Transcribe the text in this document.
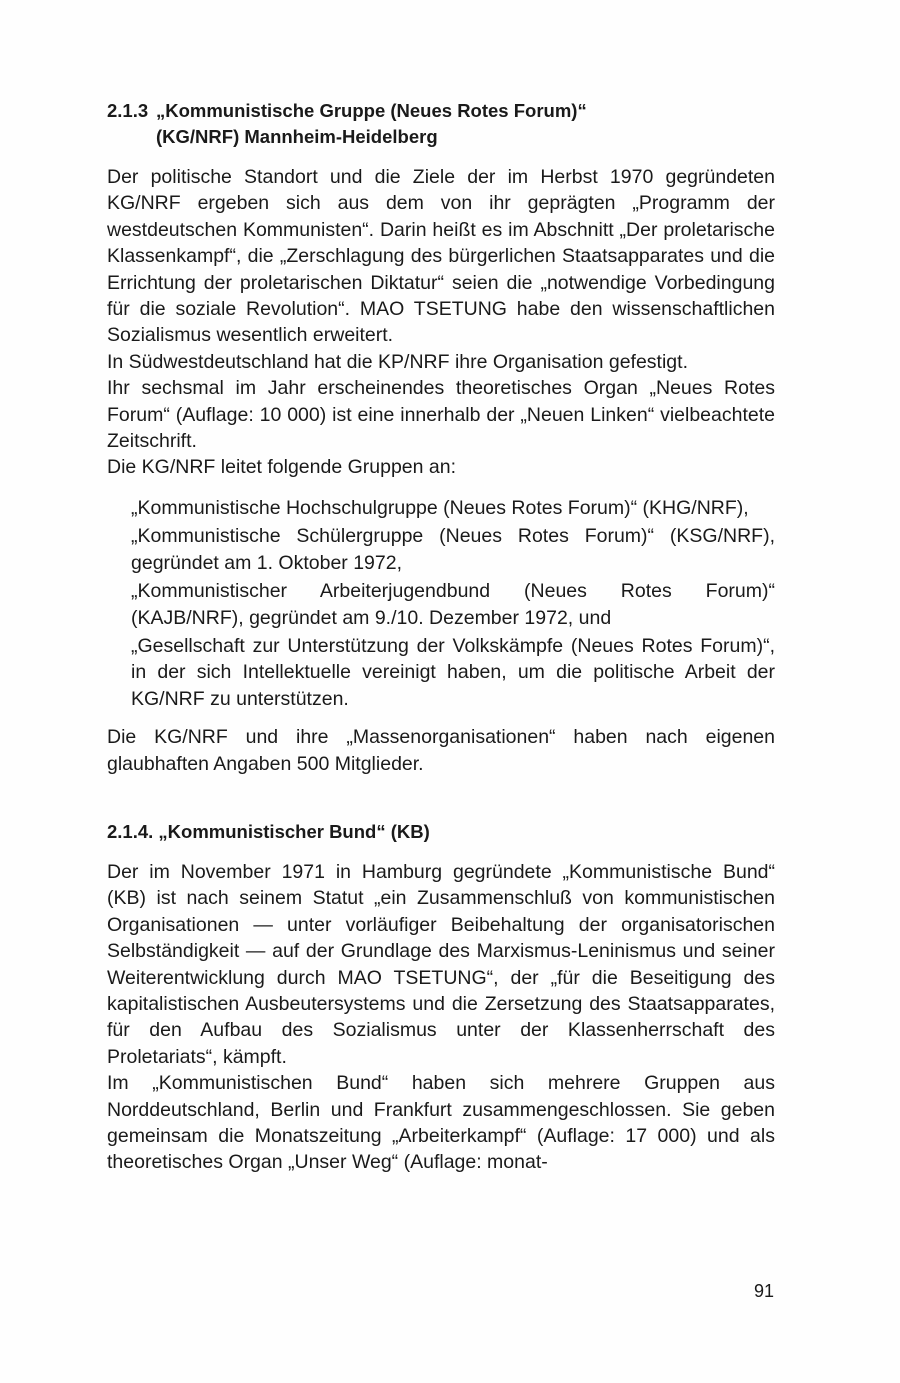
2.1.3 „Kommunistische Gruppe (Neues Rotes Forum)“
(KG/NRF) Mannheim-Heidelberg

Der politische Standort und die Ziele der im Herbst 1970 gegründeten KG/NRF ergeben sich aus dem von ihr geprägten „Programm der westdeutschen Kommunisten“. Darin heißt es im Abschnitt „Der proletarische Klassenkampf“, die „Zerschlagung des bürgerlichen Staatsapparates und die Errichtung der proletarischen Diktatur“ seien die „notwendige Vorbedingung für die soziale Revolution“. MAO TSETUNG habe den wissenschaftlichen Sozialismus wesentlich erweitert.

In Südwestdeutschland hat die KP/NRF ihre Organisation gefestigt.

Ihr sechsmal im Jahr erscheinendes theoretisches Organ „Neues Rotes Forum“ (Auflage: 10 000) ist eine innerhalb der „Neuen Linken“ vielbeachtete Zeitschrift.

Die KG/NRF leitet folgende Gruppen an:

„Kommunistische Hochschulgruppe (Neues Rotes Forum)“ (KHG/NRF),
„Kommunistische Schülergruppe (Neues Rotes Forum)“ (KSG/NRF), gegründet am 1. Oktober 1972,
„Kommunistischer Arbeiterjugendbund (Neues Rotes Forum)“ (KAJB/NRF), gegründet am 9./10. Dezember 1972, und
„Gesellschaft zur Unterstützung der Volkskämpfe (Neues Rotes Forum)“, in der sich Intellektuelle vereinigt haben, um die politische Arbeit der KG/NRF zu unterstützen.

Die KG/NRF und ihre „Massenorganisationen“ haben nach eigenen glaubhaften Angaben 500 Mitglieder.

2.1.4. „Kommunistischer Bund“ (KB)

Der im November 1971 in Hamburg gegründete „Kommunistische Bund“ (KB) ist nach seinem Statut „ein Zusammenschluß von kommunistischen Organisationen — unter vorläufiger Beibehaltung der organisatorischen Selbständigkeit — auf der Grundlage des Marxismus-Leninismus und seiner Weiterentwicklung durch MAO TSETUNG“, der „für die Beseitigung des kapitalistischen Ausbeutersystems und die Zersetzung des Staatsapparates, für den Aufbau des Sozialismus unter der Klassenherrschaft des Proletariats“, kämpft.

Im „Kommunistischen Bund“ haben sich mehrere Gruppen aus Norddeutschland, Berlin und Frankfurt zusammengeschlossen. Sie geben gemeinsam die Monatszeitung „Arbeiterkampf“ (Auflage: 17 000) und als theoretisches Organ „Unser Weg“ (Auflage: monat-

91
